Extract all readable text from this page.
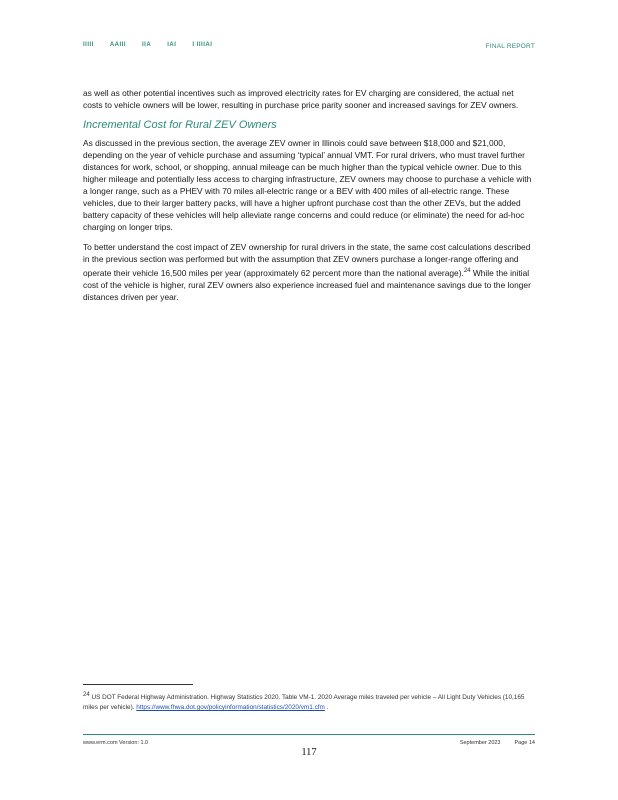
IIIII	AAIII	IIA	IAI	I IIIIAI	FINAL REPORT

as well as other potential incentives such as improved electricity rates for EV charging are considered, the actual net costs to vehicle owners will be lower, resulting in purchase price parity sooner and increased savings for ZEV owners.

Incremental Cost for Rural ZEV Owners

As discussed in the previous section, the average ZEV owner in Illinois could save between $18,000 and $21,000, depending on the year of vehicle purchase and assuming ‘typical’ annual VMT. For rural drivers, who must travel further distances for work, school, or shopping, annual mileage can be much higher than the typical vehicle owner. Due to this higher mileage and potentially less access to charging infrastructure, ZEV owners may choose to purchase a vehicle with a longer range, such as a PHEV with 70 miles all-electric range or a BEV with 400 miles of all-electric range. These vehicles, due to their larger battery packs, will have a higher upfront purchase cost than the other ZEVs, but the added battery capacity of these vehicles will help alleviate range concerns and could reduce (or eliminate) the need for ad-hoc charging on longer trips.

To better understand the cost impact of ZEV ownership for rural drivers in the state, the same cost calculations described in the previous section was performed but with the assumption that ZEV owners purchase a longer-range offering and operate their vehicle 16,500 miles per year (approximately 62 percent more than the national average).$^{24}$ While the initial cost of the vehicle is higher, rural ZEV owners also experience increased fuel and maintenance savings due to the longer distances driven per year.

$^{24}$ US DOT Federal Highway Administration. Highway Statistics 2020. Table VM-1. 2020 Average miles traveled per vehicle – All Light Duty Vehicles (10,165 miles per vehicle). https://www.fhwa.dot.gov/policyinformation/statistics/2020/vm1.cfm .
www.erm.com Version: 1.0	September 2023	Page 14
117
